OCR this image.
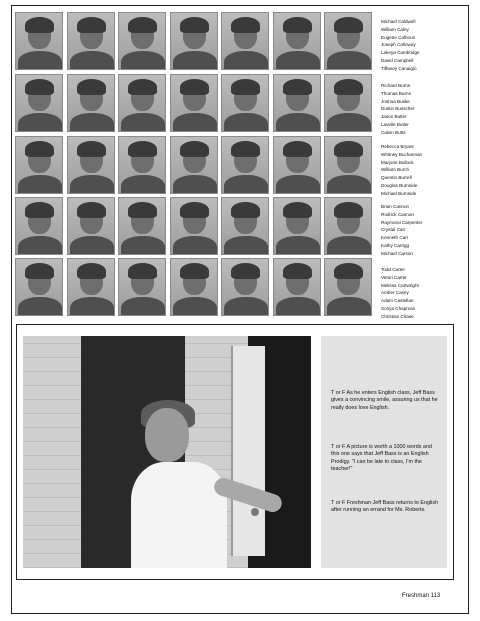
Michael Caldwell
William Caley
Eugene Calhoun
Joseph Calloway
Lakeya Cambridge
David Campbell
Tiffaney Canaiglo
Richard Burns
Thomas Burns
Joshua Buske
Dustin Busscher
Jason Butler
Lavelle Butler
Calvin Butts
Rebecca Bryant
Whitney Buchannan
Marjorie Bullock
William Burch
Quentin Burrell
Douglas Burnside
Michael Burnside
Brian Cannon
Rodrick Cannon
Raymond Carpenter
Crystal Carr
Kenneth Carr
Kathy Carrigg
Michael Carson
Todd Carter
Vetori Carter
Melissa Cartwright
Amber Casey
Adam Castellan
Sonya Chapman
Christian Chase
T or F As he enters English class, Jeff Bass gives a convincing smile, assuring us that he really does love English.
T or F A picture is worth a 1000 words and this one says that Jeff Bass is an English Prodigy. "I can be late to class, I'm the teacher!"
T or F Freshman Jeff Bass returns to English after running an errand for Ms. Roberts.
Freshman 113
